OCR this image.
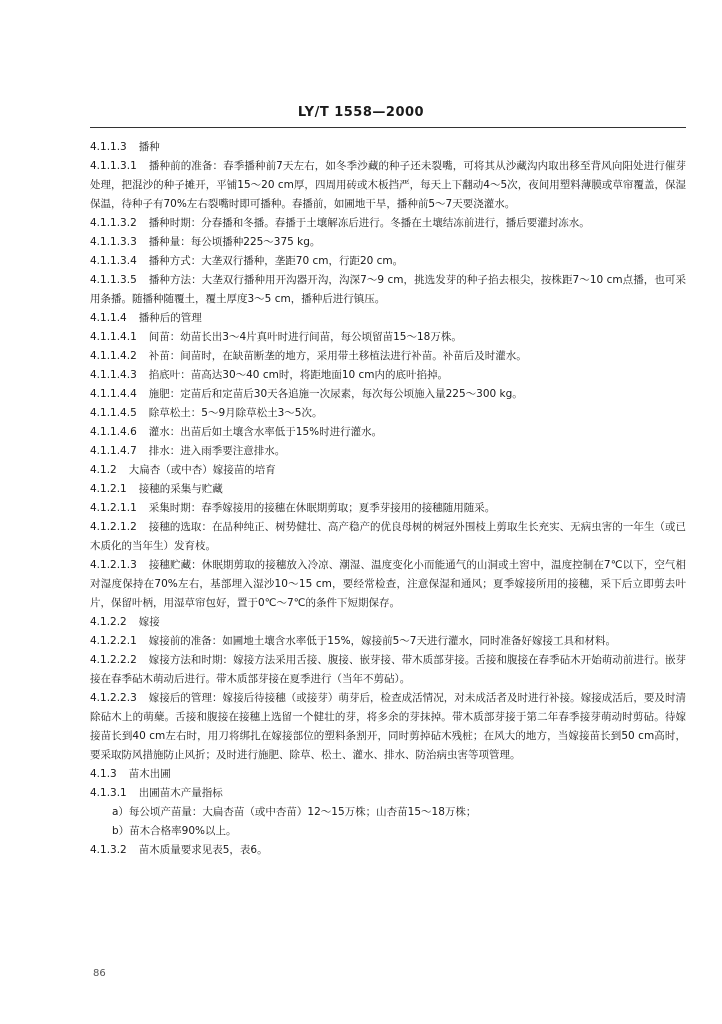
LY/T 1558—2000

4.1.1.3 播种

4.1.1.3.1 播种前的准备：春季播种前7天左右，如冬季沙藏的种子还未裂嘴，可将其从沙藏沟内取出移至背风向阳处进行催芽处理，把混沙的种子摊开，平铺15～20 cm厚，四周用砖或木板挡严，每天上下翻动4～5次，夜间用塑料薄膜或草帘覆盖，保湿保温，待种子有70%左右裂嘴时即可播种。春播前，如圃地干旱，播种前5～7天要浇灌水。

4.1.1.3.2 播种时期：分春播和冬播。春播于土壤解冻后进行。冬播在土壤结冻前进行，播后要灌封冻水。

4.1.1.3.3 播种量：每公顷播种225～375 kg。

4.1.1.3.4 播种方式：大垄双行播种，垄距70 cm，行距20 cm。

4.1.1.3.5 播种方法：大垄双行播种用开沟器开沟，沟深7～9 cm，挑选发芽的种子掐去根尖，按株距7～10 cm点播，也可采用条播。随播种随覆土，覆土厚度3～5 cm，播种后进行镇压。

4.1.1.4 播种后的管理

4.1.1.4.1 间苗：幼苗长出3～4片真叶时进行间苗，每公顷留苗15～18万株。

4.1.1.4.2 补苗：间苗时，在缺苗断垄的地方，采用带土移植法进行补苗。补苗后及时灌水。

4.1.1.4.3 掐底叶：苗高达30～40 cm时，将距地面10 cm内的底叶掐掉。

4.1.1.4.4 施肥：定苗后和定苗后30天各追施一次尿素，每次每公顷施入量225～300 kg。

4.1.1.4.5 除草松土：5～9月除草松土3～5次。

4.1.1.4.6 灌水：出苗后如土壤含水率低于15%时进行灌水。

4.1.1.4.7 排水：进入雨季要注意排水。

4.1.2 大扁杏（或中杏）嫁接苗的培育

4.1.2.1 接穗的采集与贮藏

4.1.2.1.1 采集时期：春季嫁接用的接穗在休眠期剪取；夏季芽接用的接穗随用随采。

4.1.2.1.2 接穗的选取：在品种纯正、树势健壮、高产稳产的优良母树的树冠外围枝上剪取生长充实、无病虫害的一年生（或已木质化的当年生）发育枝。

4.1.2.1.3 接穗贮藏：休眠期剪取的接穗放入冷凉、潮湿、温度变化小而能通气的山洞或土窖中，温度控制在7℃以下，空气相对湿度保持在70%左右，基部埋入湿沙10～15 cm，要经常检查，注意保湿和通风；夏季嫁接所用的接穗，采下后立即剪去叶片，保留叶柄，用湿草帘包好，置于0℃～7℃的条件下短期保存。

4.1.2.2 嫁接

4.1.2.2.1 嫁接前的准备：如圃地土壤含水率低于15%，嫁接前5～7天进行灌水，同时准备好嫁接工具和材料。

4.1.2.2.2 嫁接方法和时期：嫁接方法采用舌接、腹接、嵌芽接、带木质部芽接。舌接和腹接在春季砧木开始萌动前进行。嵌芽接在春季砧木萌动后进行。带木质部芽接在夏季进行（当年不剪砧）。

4.1.2.2.3 嫁接后的管理：嫁接后待接穗（或接芽）萌芽后，检查成活情况，对未成活者及时进行补接。嫁接成活后，要及时清除砧木上的萌蘖。舌接和腹接在接穗上选留一个健壮的芽，将多余的芽抹掉。带木质部芽接于第二年春季接芽萌动时剪砧。待嫁接苗长到40 cm左右时，用刀将绑扎在嫁接部位的塑料条割开，同时剪掉砧木残桩；在风大的地方，当嫁接苗长到50 cm高时，要采取防风措施防止风折；及时进行施肥、除草、松土、灌水、排水、防治病虫害等项管理。

4.1.3 苗木出圃

4.1.3.1 出圃苗木产量指标

a）每公顷产苗量：大扁杏苗（或中杏苗）12～15万株；山杏苗15～18万株；

b）苗木合格率90%以上。

4.1.3.2 苗木质量要求见表5，表6。

86
